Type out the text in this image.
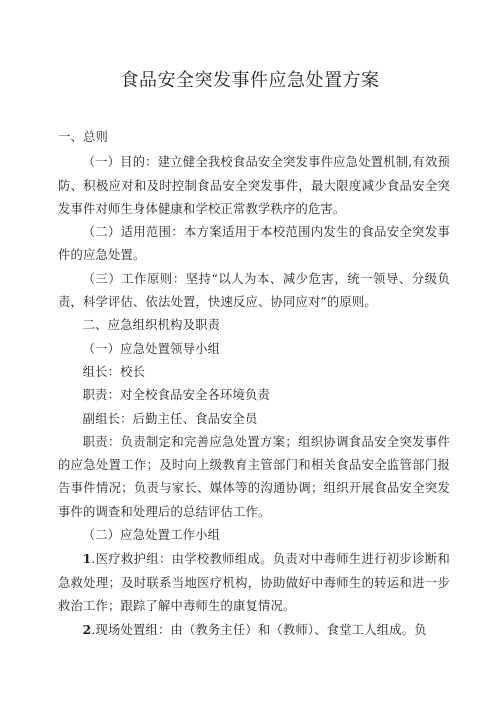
食品安全突发事件应急处置方案

一、总则

（一）目的：建立健全我校食品安全突发事件应急处置机制,有效预防、积极应对和及时控制食品安全突发事件，最大限度减少食品安全突发事件对师生身体健康和学校正常教学秩序的危害。

（二）适用范围：本方案适用于本校范围内发生的食品安全突发事件的应急处置。

（三）工作原则：坚持“以人为本、减少危害，统一领导、分级负责，科学评估、依法处置，快速反应、协同应对”的原则。

二、应急组织机构及职责

（一）应急处置领导小组

组长：校长

职责：对全校食品安全各环境负责

副组长：后勤主任、食品安全员

职责：负责制定和完善应急处置方案；组织协调食品安全突发事件的应急处置工作；及时向上级教育主管部门和相关食品安全监管部门报告事件情况；负责与家长、媒体等的沟通协调；组织开展食品安全突发事件的调查和处理后的总结评估工作。

（二）应急处置工作小组

1.医疗救护组：由学校教师组成。负责对中毒师生进行初步诊断和急救处理；及时联系当地医疗机构，协助做好中毒师生的转运和进一步救治工作；跟踪了解中毒师生的康复情况。

2.现场处置组：由（教务主任）和（教师）、食堂工人组成。负
